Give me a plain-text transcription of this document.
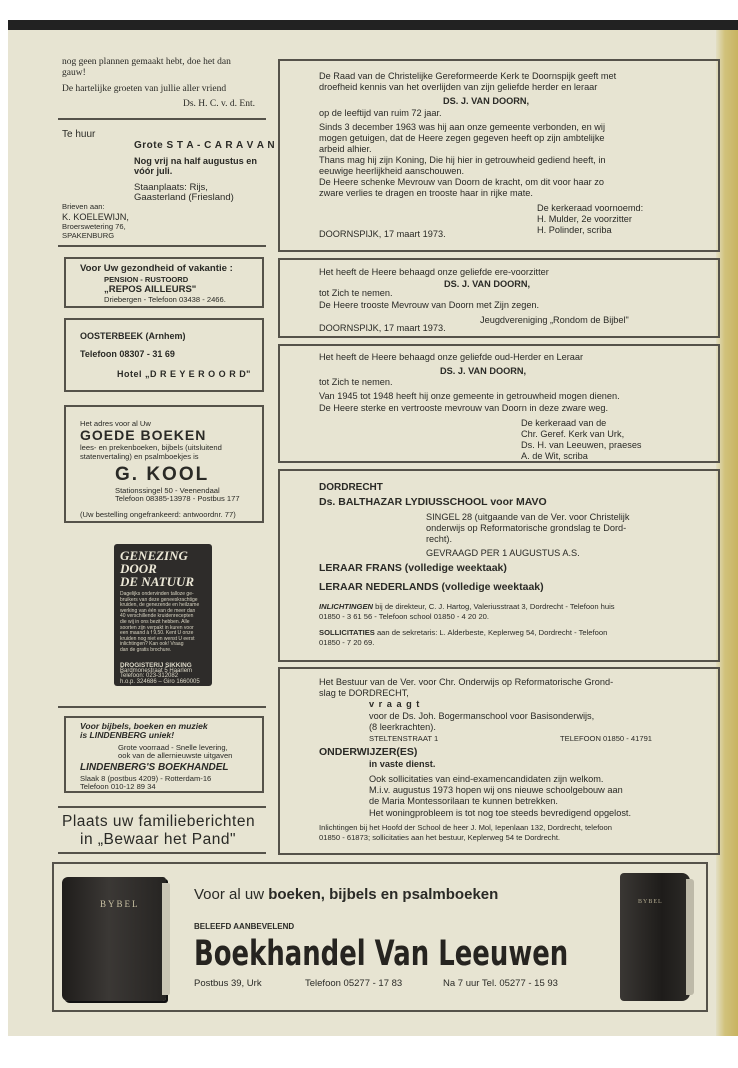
nog geen plannen gemaakt hebt, doe het dan
gauw!
De hartelijke groeten van jullie aller vriend
Ds. H. C. v. d. Ent.
Te huur
Grote S T A - C A R A V A N
Nog vrij na half augustus en
vóór juli.
Staanplaats: Rijs,
Gaasterland (Friesland)
Brieven aan:
K. KOELEWIJN,
Broerswetering 76,
SPAKENBURG
Voor Uw gezondheid of vakantie :
PENSION - RUSTOORD
„REPOS AILLEURS"
Driebergen - Telefoon 03438 - 2466.
OOSTERBEEK (Arnhem)
Telefoon 08307 - 31 69
Hotel „D R E Y E R O O R D"
Het adres voor al Uw
GOEDE BOEKEN
lees- en prekenboeken, bijbels (uitsluitend
statenvertaling) en psalmboekjes is
G. KOOL
Stationssingel 50 - Veenendaal
Telefoon 08385-13978 - Postbus 177
(Uw bestelling ongefrankeerd: antwoordnr. 77)
GENEZING
DOOR
DE NATUUR
Dagelijks ondervinden talloze ge-
bruikers van deze geneeskrachtige
kruiden, de genezende en heilzame
werking van één van de meer dan
40 verschillende kruidenrecepten
die wij in ons bezit hebben. Alle
soorten zijn verpakt in kuren voor
een maand à f 9,50. Kent U onze
kruiden nog niet en wenst U eerst
inlichtingen? Kan ook! Vraag
dan de gratis brochure.
DROGISTERIJ SIKKING
Bardmonestraat 5 Haarlem
Telefoon: 023-312082
h.o.p. 324686 – Giro 1660005
Voor bijbels, boeken en muziek
is LINDENBERG uniek!
Grote voorraad - Snelle levering,
ook van de allernieuwste uitgaven
LINDENBERG'S BOEKHANDEL
Slaak 8 (postbus 4209) - Rotterdam-16
Telefoon 010-12 89 34
Plaats uw familieberichten
in „Bewaar het Pand"
De Raad van de Christelijke Gereformeerde Kerk te Doornspijk geeft met
droefheid kennis van het overlijden van zijn geliefde herder en leraar
DS. J. VAN DOORN,
op de leeftijd van ruim 72 jaar.
Sinds 3 december 1963 was hij aan onze gemeente verbonden, en wij
mogen getuigen, dat de Heere zegen gegeven heeft op zijn ambtelijke
arbeid alhier.
Thans mag hij zijn Koning, Die hij hier in getrouwheid gediend heeft, in
eeuwige heerlijkheid aanschouwen.
De Heere schenke Mevrouw van Doorn de kracht, om dit voor haar zo
zware verlies te dragen en trooste haar in rijke mate.
De kerkeraad voornoemd:
H. Mulder, 2e voorzitter
H. Polinder, scriba
DOORNSPIJK, 17 maart 1973.
Het heeft de Heere behaagd onze geliefde ere-voorzitter
DS. J. VAN DOORN,
tot Zich te nemen.
De Heere trooste Mevrouw van Doorn met Zijn zegen.
Jeugdvereniging „Rondom de Bijbel"
DOORNSPIJK, 17 maart 1973.
Het heeft de Heere behaagd onze geliefde oud-Herder en Leraar
DS. J. VAN DOORN,
tot Zich te nemen.
Van 1945 tot 1948 heeft hij onze gemeente in getrouwheid mogen dienen.
De Heere sterke en vertrooste mevrouw van Doorn in deze zware weg.
De kerkeraad van de
Chr. Geref. Kerk van Urk,
Ds. H. van Leeuwen, praeses
A. de Wit, scriba
DORDRECHT
Ds. BALTHAZAR LYDIUSSCHOOL voor MAVO
SINGEL 28 (uitgaande van de Ver. voor Christelijk
onderwijs op Reformatorische grondslag te Dord-
recht).
GEVRAAGD PER 1 AUGUSTUS A.S.
LERAAR FRANS (volledige weektaak)
LERAAR NEDERLANDS (volledige weektaak)
INLICHTINGEN bij de direkteur, C. J. Hartog, Valeriusstraat 3, Dordrecht - Telefoon huis
01850 - 3 61 56 - Telefoon school 01850 - 4 20 20.
SOLLICITATIES aan de sekretaris: L. Alderbeste, Keplerweg 54, Dordrecht - Telefoon
01850 - 7 20 69.
Het Bestuur van de Ver. voor Chr. Onderwijs op Reformatorische Grond-
slag te DORDRECHT,
v r a a g t
voor de Ds. Joh. Bogermanschool voor Basisonderwijs,
(8 leerkrachten).
STELTENSTRAAT 1	TELEFOON 01850 - 41791
ONDERWIJZER(ES)
in vaste dienst.
Ook sollicitaties van eind-examencandidaten zijn welkom.
M.i.v. augustus 1973 hopen wij ons nieuwe schoolgebouw aan
de Maria Montessorilaan te kunnen betrekken.
Het woningprobleem is tot nog toe steeds bevredigend opgelost.
Inlichtingen bij het Hoofd der School de heer J. Mol, Iepenlaan 132, Dordrecht, telefoon
01850 - 61873; sollicitaties aan het bestuur, Keplerweg 54 te Dordrecht.
BYBEL	BYBEL
Voor al uw boeken, bijbels en psalmboeken
BELEEFD AANBEVELEND
Boekhandel Van Leeuwen
Postbus 39, Urk	Telefoon 05277 - 17 83	Na 7 uur Tel. 05277 - 15 93
